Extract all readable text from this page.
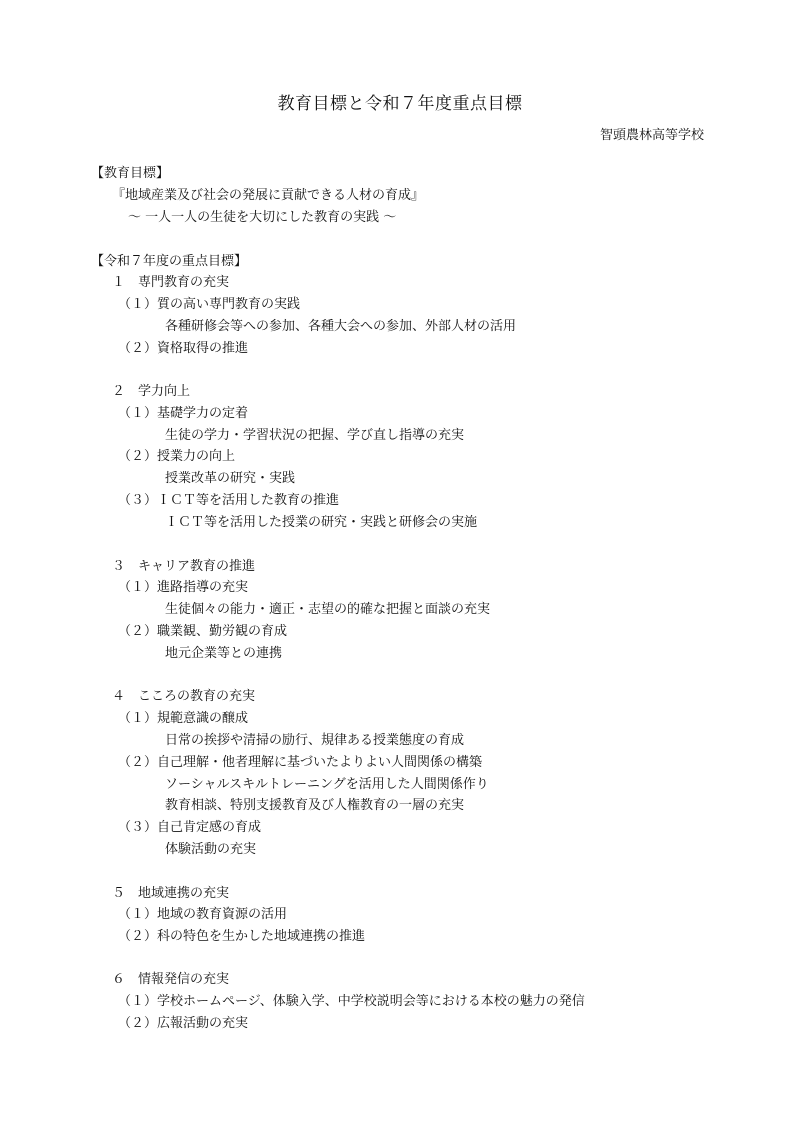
教育目標と令和７年度重点目標
智頭農林高等学校
【教育目標】
『地域産業及び社会の発展に貢献できる人材の育成』
～ 一人一人の生徒を大切にした教育の実践 ～
【令和７年度の重点目標】
１　専門教育の充実
（１）質の高い専門教育の実践
各種研修会等への参加、各種大会への参加、外部人材の活用
（２）資格取得の推進
２　学力向上
（１）基礎学力の定着
生徒の学力・学習状況の把握、学び直し指導の充実
（２）授業力の向上
授業改革の研究・実践
（３）ＩＣＴ等を活用した教育の推進
ＩＣＴ等を活用した授業の研究・実践と研修会の実施
３　キャリア教育の推進
（１）進路指導の充実
生徒個々の能力・適正・志望の的確な把握と面談の充実
（２）職業観、勤労観の育成
地元企業等との連携
４　こころの教育の充実
（１）規範意識の醸成
日常の挨拶や清掃の励行、規律ある授業態度の育成
（２）自己理解・他者理解に基づいたよりよい人間関係の構築
ソーシャルスキルトレーニングを活用した人間関係作り
教育相談、特別支援教育及び人権教育の一層の充実
（３）自己肯定感の育成
体験活動の充実
５　地域連携の充実
（１）地域の教育資源の活用
（２）科の特色を生かした地域連携の推進
６　情報発信の充実
（１）学校ホームページ、体験入学、中学校説明会等における本校の魅力の発信
（２）広報活動の充実
